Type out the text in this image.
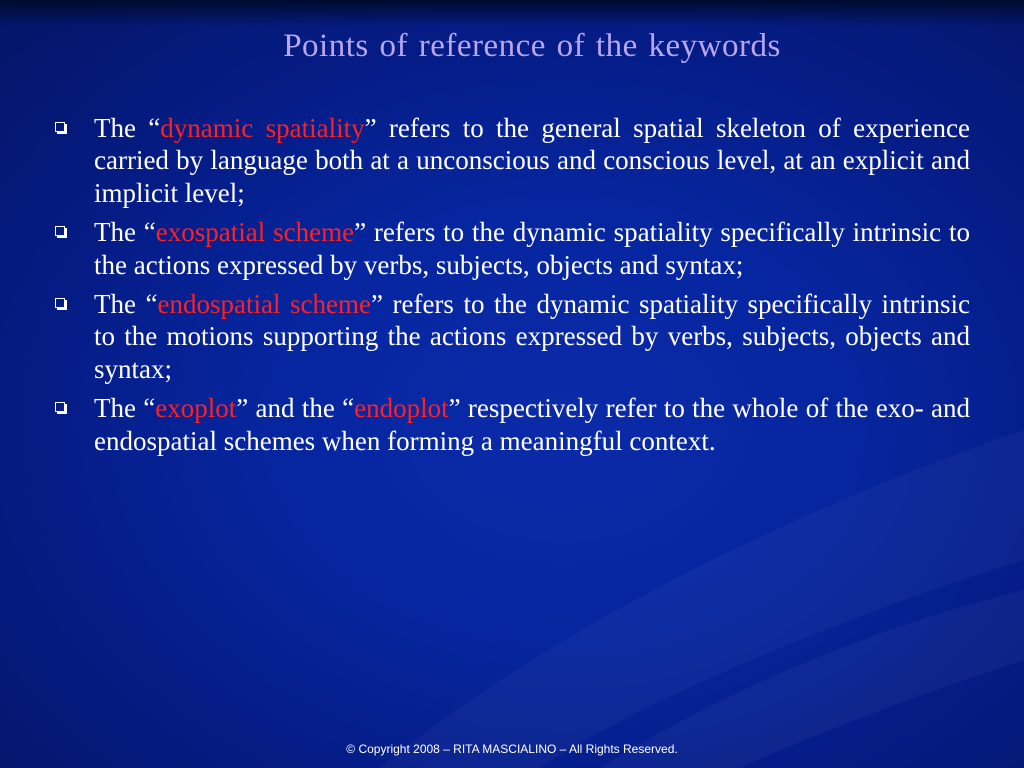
Points of reference of the keywords
The “dynamic spatiality” refers to the general spatial skeleton of experience carried by language both at a unconscious and conscious level, at an explicit and implicit level;
The “exospatial scheme” refers to the dynamic spatiality specifically intrinsic to the actions expressed by verbs, subjects, objects and syntax;
The “endospatial scheme” refers to the dynamic spatiality specifically intrinsic to the motions supporting the actions expressed by verbs, subjects, objects and syntax;
The “exoplot” and the “endoplot” respectively refer to the whole of the exo- and endospatial schemes when forming a meaningful context.
© Copyright 2008 – RITA MASCIALINO – All Rights Reserved.
